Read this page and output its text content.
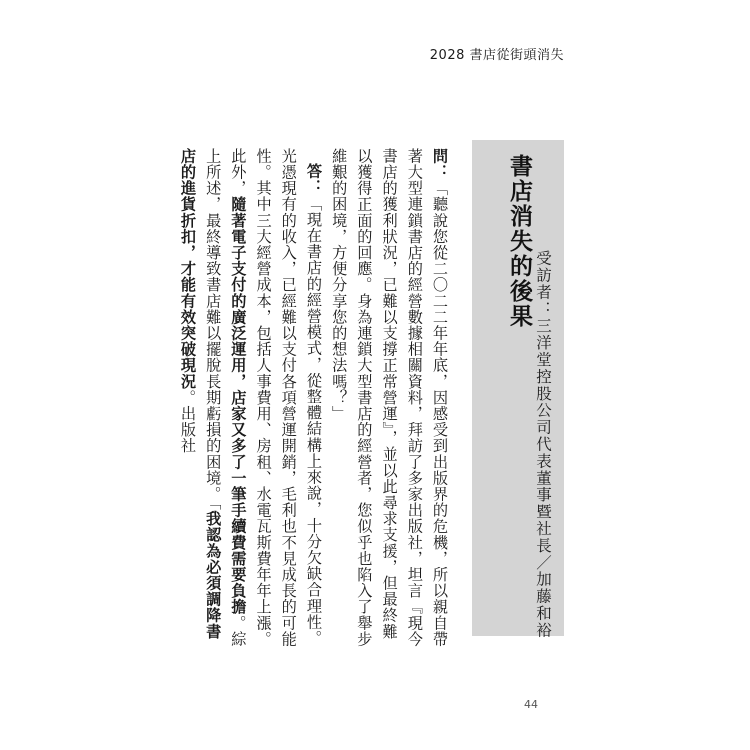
2028 書店從街頭消失
書店消失的後果
受訪者：三洋堂控股公司代表董事暨社長／加藤和裕

問：「聽說您從二〇二二年年底，因感受到出版界的危機，所以親自帶著大型連鎖書店的經營數據相關資料，拜訪了多家出版社，坦言『現今書店的獲利狀況，已難以支撐正常營運』，並以此尋求支援，但最終難以獲得正面的回應。身為連鎖大型書店的經營者，您似乎也陷入了舉步維艱的困境，方便分享您的想法嗎？」

答：「現在書店的經營模式，從整體結構上來說，十分欠缺合理性。光憑現有的收入，已經難以支付各項營運開銷，毛利也不見成長的可能性。其中三大經營成本，包括人事費用、房租、水電瓦斯費年年上漲。此外，隨著電子支付的廣泛運用，店家又多了一筆手續費需要負擔。綜上所述，最終導致書店難以擺脫長期虧損的困境。「我認為必須調降書店的進貨折扣，才能有效突破現況。出版社

44
